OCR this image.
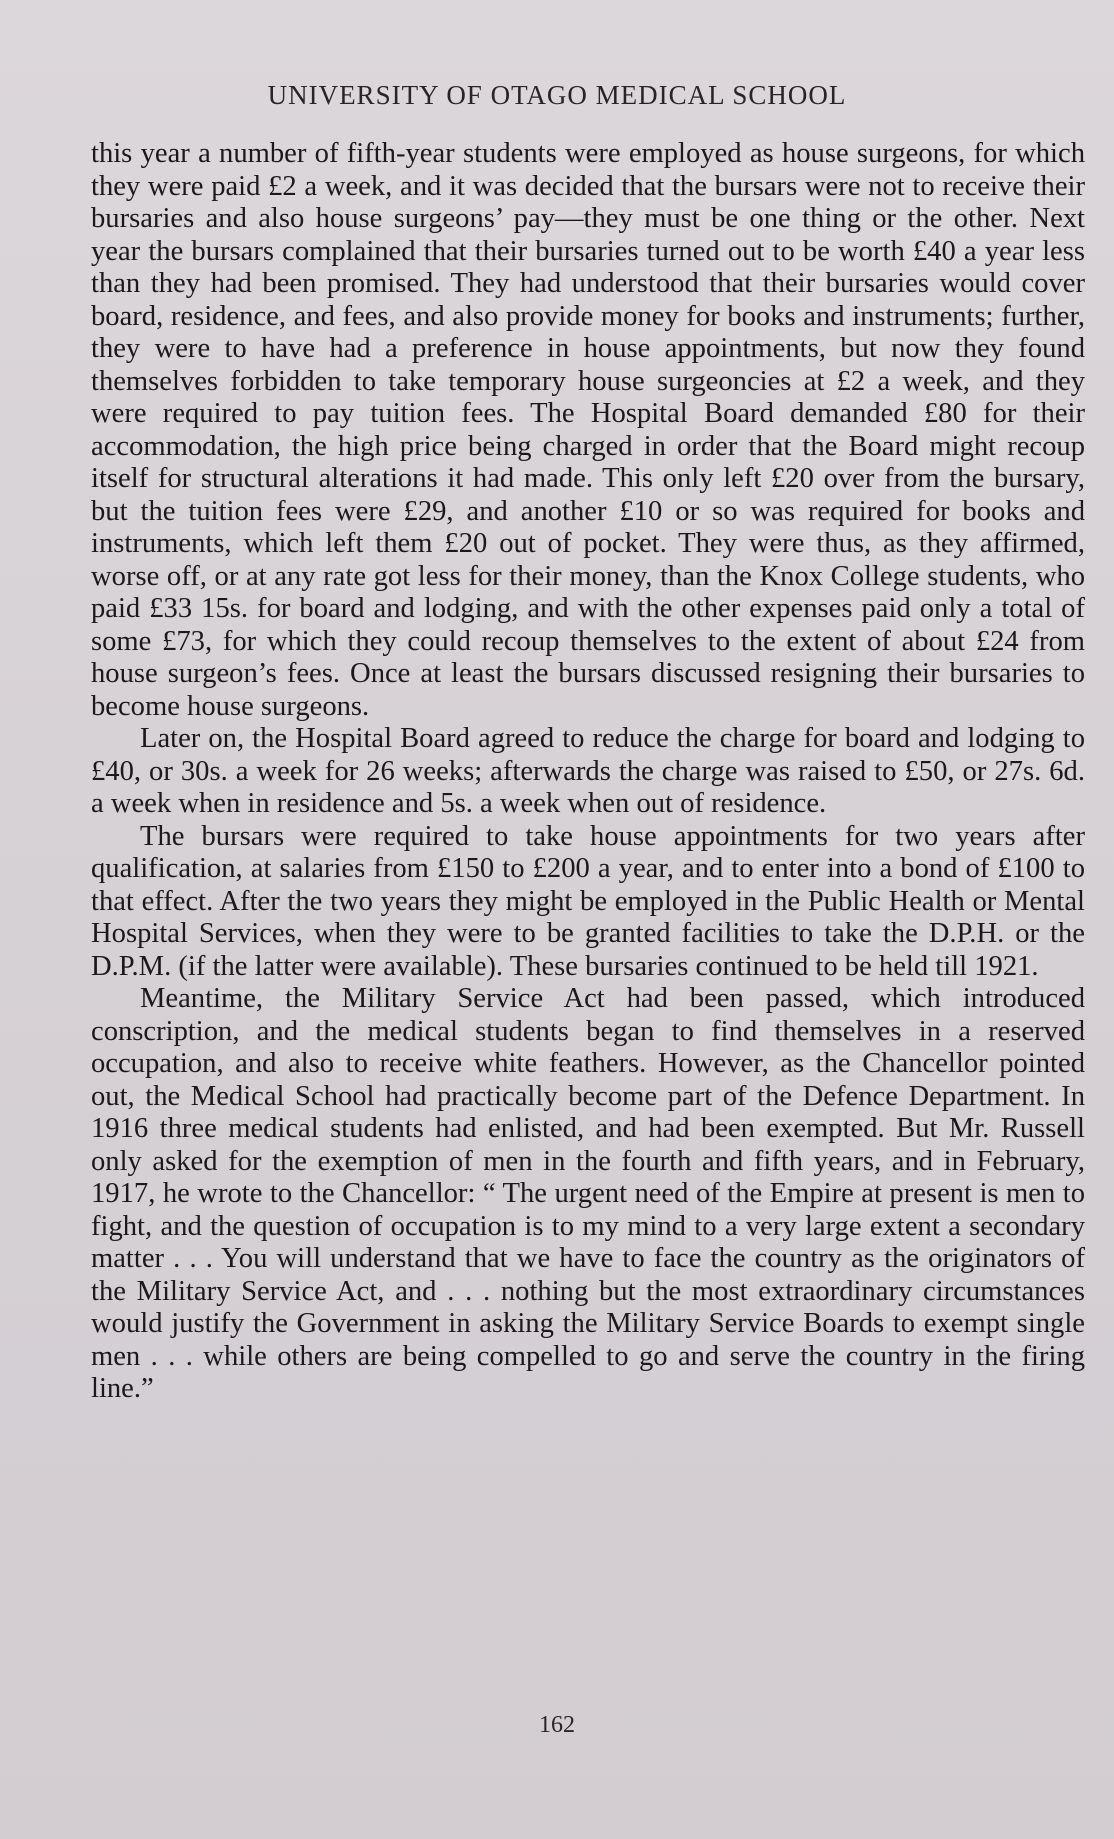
UNIVERSITY OF OTAGO MEDICAL SCHOOL

this year a number of fifth-year students were employed as house surgeons, for which they were paid £2 a week, and it was decided that the bursars were not to receive their bursaries and also house surgeons’ pay—they must be one thing or the other. Next year the bursars complained that their bursaries turned out to be worth £40 a year less than they had been promised. They had understood that their bursaries would cover board, residence, and fees, and also provide money for books and instruments; further, they were to have had a preference in house appointments, but now they found themselves forbidden to take temporary house surgeoncies at £2 a week, and they were required to pay tuition fees. The Hospital Board demanded £80 for their accommodation, the high price being charged in order that the Board might recoup itself for structural alterations it had made. This only left £20 over from the bursary, but the tuition fees were £29, and another £10 or so was required for books and instruments, which left them £20 out of pocket. They were thus, as they affirmed, worse off, or at any rate got less for their money, than the Knox College students, who paid £33 15s. for board and lodging, and with the other expenses paid only a total of some £73, for which they could recoup themselves to the extent of about £24 from house surgeon’s fees. Once at least the bursars discussed resigning their bursaries to become house surgeons.

Later on, the Hospital Board agreed to reduce the charge for board and lodging to £40, or 30s. a week for 26 weeks; afterwards the charge was raised to £50, or 27s. 6d. a week when in residence and 5s. a week when out of residence.

The bursars were required to take house appointments for two years after qualification, at salaries from £150 to £200 a year, and to enter into a bond of £100 to that effect. After the two years they might be employed in the Public Health or Mental Hospital Services, when they were to be granted facilities to take the D.P.H. or the D.P.M. (if the latter were available). These bursaries continued to be held till 1921.

Meantime, the Military Service Act had been passed, which introduced conscription, and the medical students began to find themselves in a reserved occupation, and also to receive white feathers. However, as the Chancellor pointed out, the Medical School had practically become part of the Defence Department. In 1916 three medical students had enlisted, and had been exempted. But Mr. Russell only asked for the exemption of men in the fourth and fifth years, and in February, 1917, he wrote to the Chancellor: “ The urgent need of the Empire at present is men to fight, and the question of occupation is to my mind to a very large extent a secondary matter . . . You will understand that we have to face the country as the originators of the Military Service Act, and . . . nothing but the most extraordinary circumstances would justify the Government in asking the Military Service Boards to exempt single men . . . while others are being compelled to go and serve the country in the firing line.”

162
